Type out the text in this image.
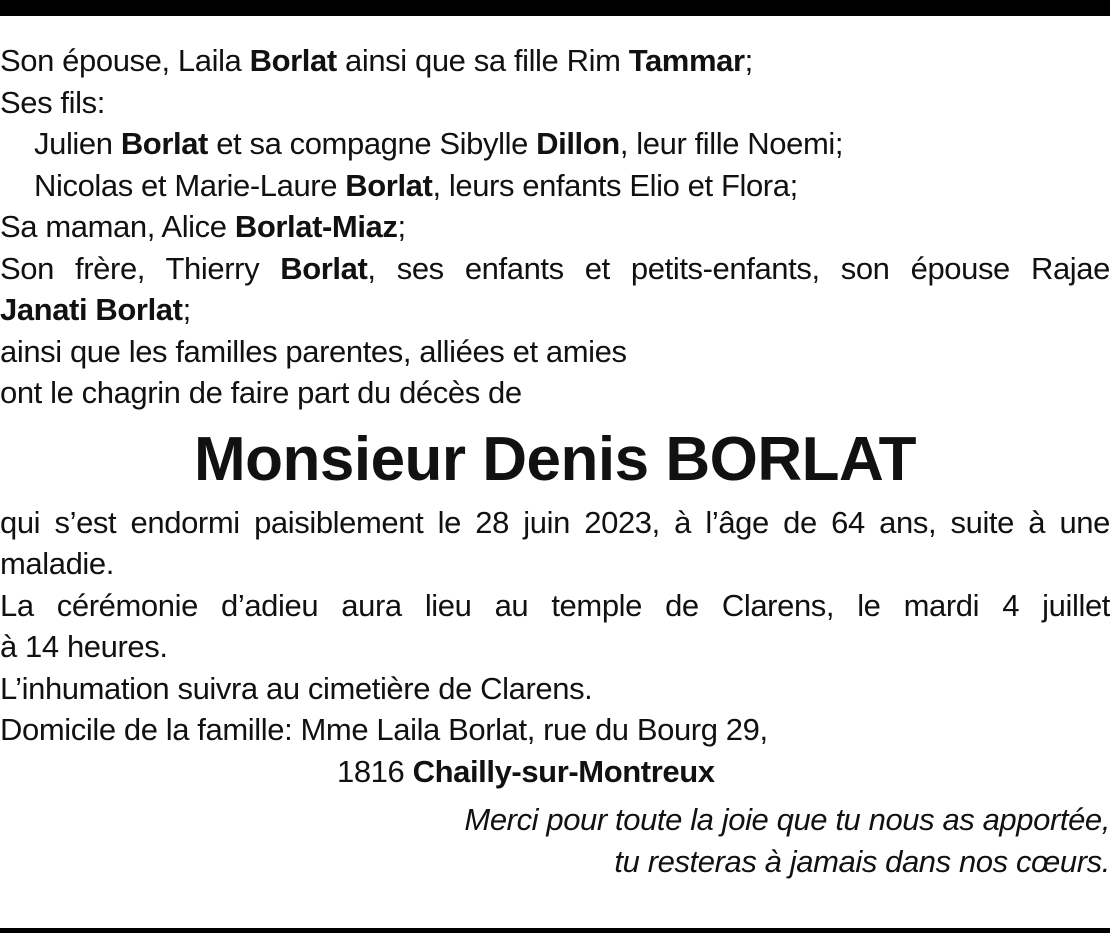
Son épouse, Laila Borlat ainsi que sa fille Rim Tammar;
Ses fils:
Julien Borlat et sa compagne Sibylle Dillon, leur fille Noemi;
Nicolas et Marie-Laure Borlat, leurs enfants Elio et Flora;
Sa maman, Alice Borlat-Miaz;
Son frère, Thierry Borlat, ses enfants et petits-enfants, son épouse Rajae
Janati Borlat;
ainsi que les familles parentes, alliées et amies
ont le chagrin de faire part du décès de
Monsieur Denis BORLAT
qui s’est endormi paisiblement le 28 juin 2023, à l’âge de 64 ans, suite à une
maladie.
La cérémonie d’adieu aura lieu au temple de Clarens, le mardi 4 juillet
à 14 heures.
L’inhumation suivra au cimetière de Clarens.
Domicile de la famille: Mme Laila Borlat, rue du Bourg 29,
1816 Chailly-sur-Montreux
Merci pour toute la joie que tu nous as apportée,
tu resteras à jamais dans nos cœurs.
